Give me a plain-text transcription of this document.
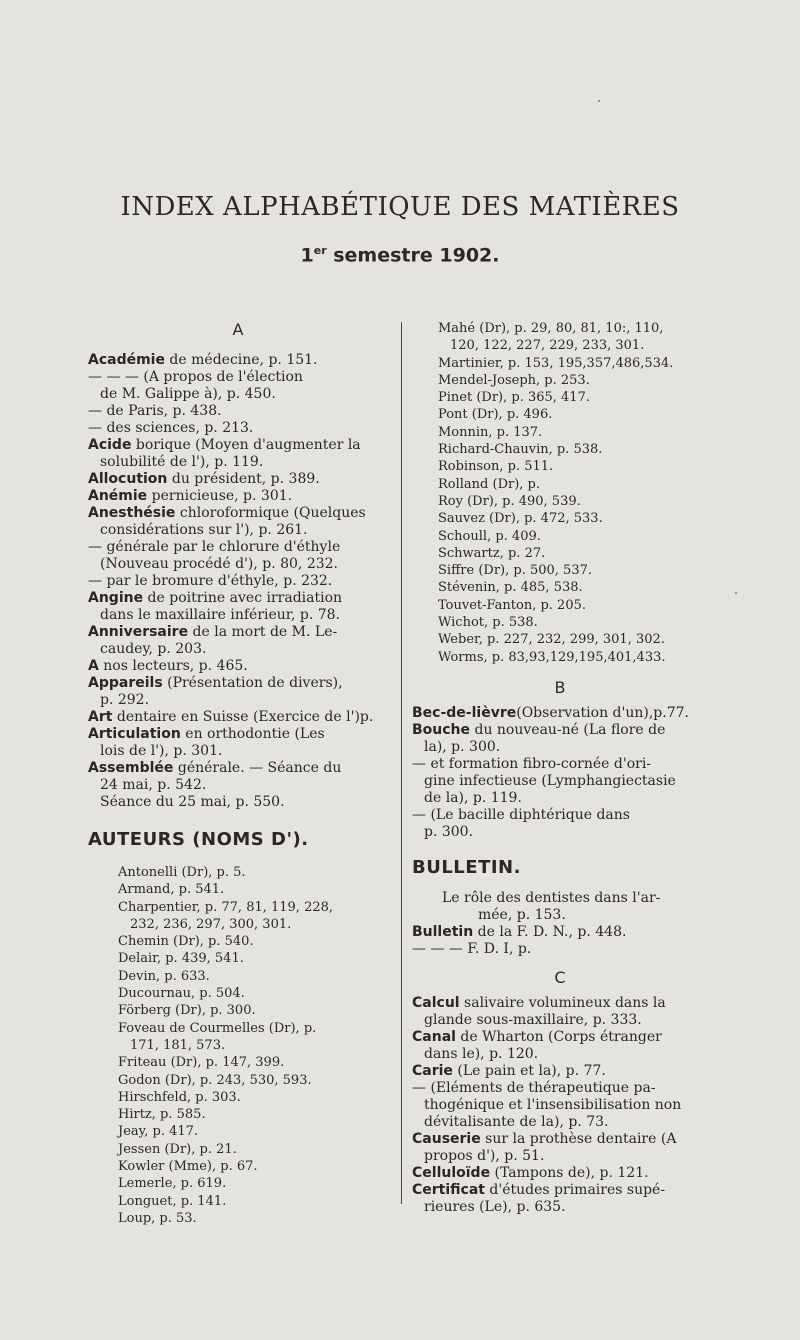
INDEX ALPHABÉTIQUE DES MATIÈRES
1er semestre 1902.
A
Académie de médecine, p. 151.
— — — (A propos de l'élection
de M. Galippe à), p. 450.
— de Paris, p. 438.
— des sciences, p. 213.
Acide borique (Moyen d'augmenter la
solubilité de l'), p. 119.
Allocution du président, p. 389.
Anémie pernicieuse, p. 301.
Anesthésie chloroformique (Quelques
considérations sur l'), p. 261.
— générale par le chlorure d'éthyle
(Nouveau procédé d'), p. 80, 232.
— par le bromure d'éthyle, p. 232.
Angine de poitrine avec irradiation
dans le maxillaire inférieur, p. 78.
Anniversaire de la mort de M. Le-
caudey, p. 203.
A nos lecteurs, p. 465.
Appareils (Présentation de divers),
p. 292.
Art dentaire en Suisse (Exercice de l')p.
Articulation en orthodontie (Les
lois de l'), p. 301.
Assemblée générale. — Séance du
24 mai, p. 542.
Séance du 25 mai, p. 550.
AUTEURS (NOMS D').
Antonelli (Dr), p. 5.
Armand, p. 541.
Charpentier, p. 77, 81, 119, 228,
232, 236, 297, 300, 301.
Chemin (Dr), p. 540.
Delair, p. 439, 541.
Devin, p. 633.
Ducournau, p. 504.
Förberg (Dr), p. 300.
Foveau de Courmelles (Dr), p.
171, 181, 573.
Friteau (Dr), p. 147, 399.
Godon (Dr), p. 243, 530, 593.
Hirschfeld, p. 303.
Hirtz, p. 585.
Jeay, p. 417.
Jessen (Dr), p. 21.
Kowler (Mme), p. 67.
Lemerle, p. 619.
Longuet, p. 141.
Loup, p. 53.
Mahé (Dr), p. 29, 80, 81, 10:, 110,
120, 122, 227, 229, 233, 301.
Martinier, p. 153, 195,357,486,534.
Mendel-Joseph, p. 253.
Pinet (Dr), p. 365, 417.
Pont (Dr), p. 496.
Monnin, p. 137.
Richard-Chauvin, p. 538.
Robinson, p. 511.
Rolland (Dr), p.
Roy (Dr), p. 490, 539.
Sauvez (Dr), p. 472, 533.
Schoull, p. 409.
Schwartz, p. 27.
Siffre (Dr), p. 500, 537.
Stévenin, p. 485, 538.
Touvet-Fanton, p. 205.
Wichot, p. 538.
Weber, p. 227, 232, 299, 301, 302.
Worms, p. 83,93,129,195,401,433.
B
Bec-de-lièvre(Observation d'un),p.77.
Bouche du nouveau-né (La flore de
la), p. 300.
— et formation fibro-cornée d'ori-
gine infectieuse (Lymphangiectasie
de la), p. 119.
— (Le bacille diphtérique dans
p. 300.
BULLETIN.
Le rôle des dentistes dans l'ar-
mée, p. 153.
Bulletin de la F. D. N., p. 448.
— — — F. D. I, p.
C
Calcul salivaire volumineux dans la
glande sous-maxillaire, p. 333.
Canal de Wharton (Corps étranger
dans le), p. 120.
Carie (Le pain et la), p. 77.
— (Eléments de thérapeutique pa-
thogénique et l'insensibilisation non
dévitalisante de la), p. 73.
Causerie sur la prothèse dentaire (A
propos d'), p. 51.
Celluloïde (Tampons de), p. 121.
Certificat d'études primaires supé-
rieures (Le), p. 635.
